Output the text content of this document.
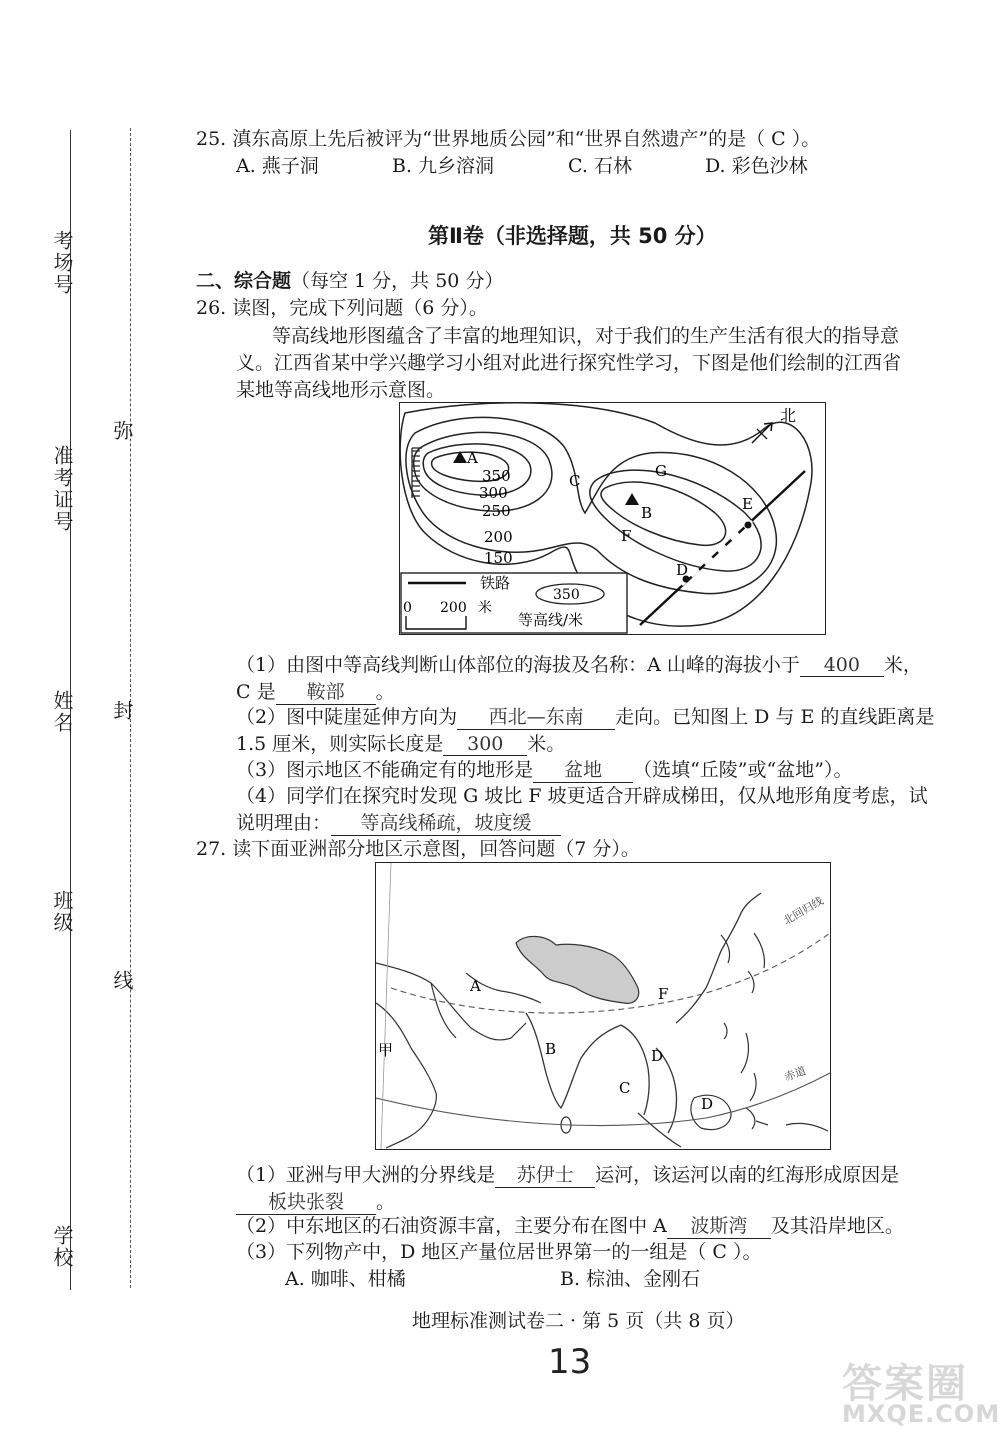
考场号
准考证号
姓名
班级
学校
弥
封
线
25. 滇东高原上先后被评为“世界地质公园”和“世界自然遗产”的是（ C ）。
A. 燕子洞	B. 九乡溶洞	C. 石林	D. 彩色沙林
第Ⅱ卷（非选择题，共 50 分）
二、综合题（每空 1 分，共 50 分）
26. 读图，完成下列问题（6 分）。
等高线地形图蕴含了丰富的地理知识，对于我们的生产生活有很大的指导意
义。江西省某中学兴趣学习小组对此进行探究性学习，下图是他们绘制的江西省
某地等高线地形示意图。
北
A
B
C
D
E
F
G
350
300
250
200
150
铁路
350
0 200 米
等高线/米
（1）由图中等高线判断山体部位的海拔及名称：A 山峰的海拔小于 400 米，
C 是 鞍部 。
（2）图中陡崖延伸方向为 西北—东南 走向。已知图上 D 与 E 的直线距离是
1.5 厘米，则实际长度是 300 米。
（3）图示地区不能确定有的地形是 盆地 （选填“丘陵”或“盆地”）。
（4）同学们在探究时发现 G 坡比 F 坡更适合开辟成梯田，仅从地形角度考虑，试
说明理由： 等高线稀疏，坡度缓
27. 读下面亚洲部分地区示意图，回答问题（7 分）。
北回归线
赤道
A
B
C
D
D
F
甲
（1）亚洲与甲大洲的分界线是 苏伊士 运河，该运河以南的红海形成原因是
板块张裂 。
（2）中东地区的石油资源丰富，主要分布在图中 A 波斯湾 及其沿岸地区。
（3）下列物产中，D 地区产量位居世界第一的一组是（ C ）。
A. 咖啡、柑橘	B. 棕油、金刚石
地理标准测试卷二 · 第 5 页（共 8 页）
13	答案圈
MXQE.COM
